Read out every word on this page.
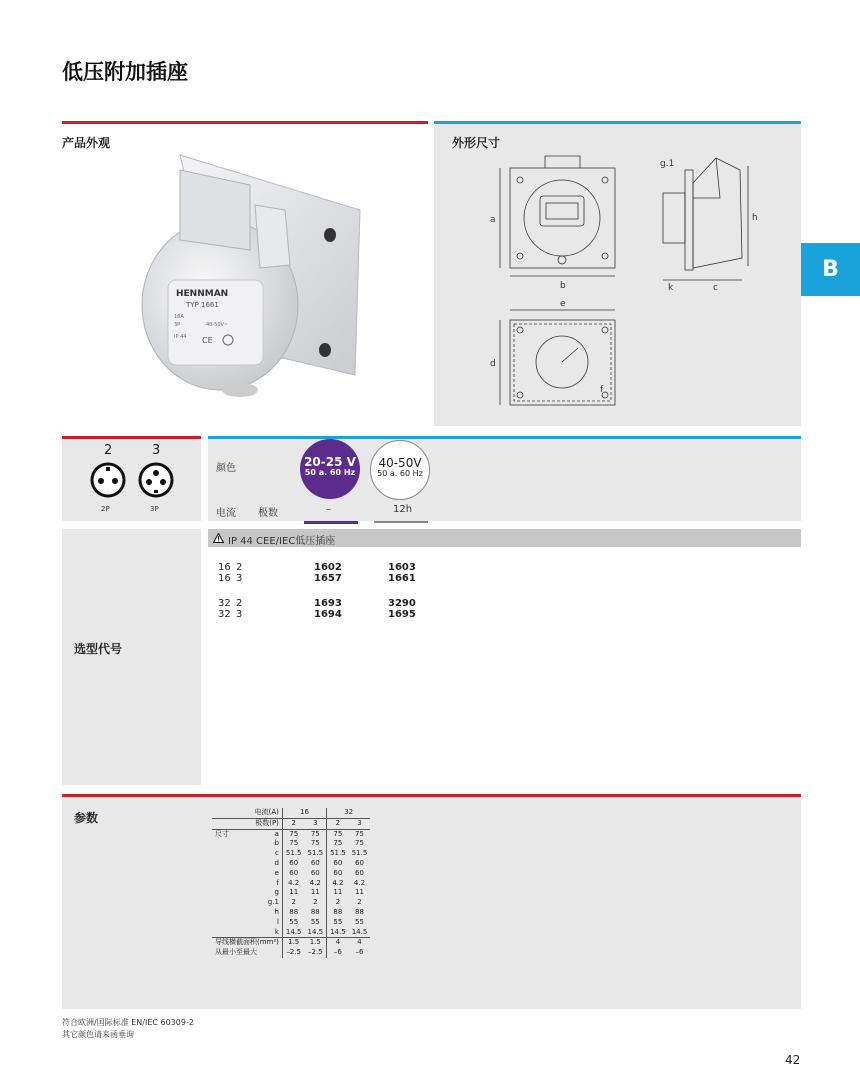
低压附加插座
产品外观
HENNMAN
TYP 1661
16A
3P	40-50V~
IP 44 CE
外形尺寸
a
b
g.1
h
k	c
e
d
f
B
2	3
2P	3P
颜色	20-25 V
50 a. 60 Hz
40-50V
50 a. 60 Hz
电流 极数	–	12h
选型代号
IP 44 CEE/IEC低压插座
16 2	1602	1603
16 3	1657	1661
32 2	1693	3290
32 3	1694	1695
参数	电流(A)		16		32	
极数(P)		2	3	2	3
尺寸	a	75	75	75	75
	b	75	75	75	75
	c	51.5	51.5	51.5	51.5
	d	60	60	60	60
	e	60	60	60	60
	f	4.2	4.2	4.2	4.2
	g	11	11	11	11
	g.1	2	2	2	2
	h	88	88	88	88
	l	55	55	55	55
	k	14.5	14.5	14.5	14.5
导线横截面积(mm²)		1.5	1.5	4	4
从最小至最大		–2.5	–2.5	–6	–6
符合欧洲/国际标准 EN/IEC 60309-2
其它颜色请来函垂询
42
